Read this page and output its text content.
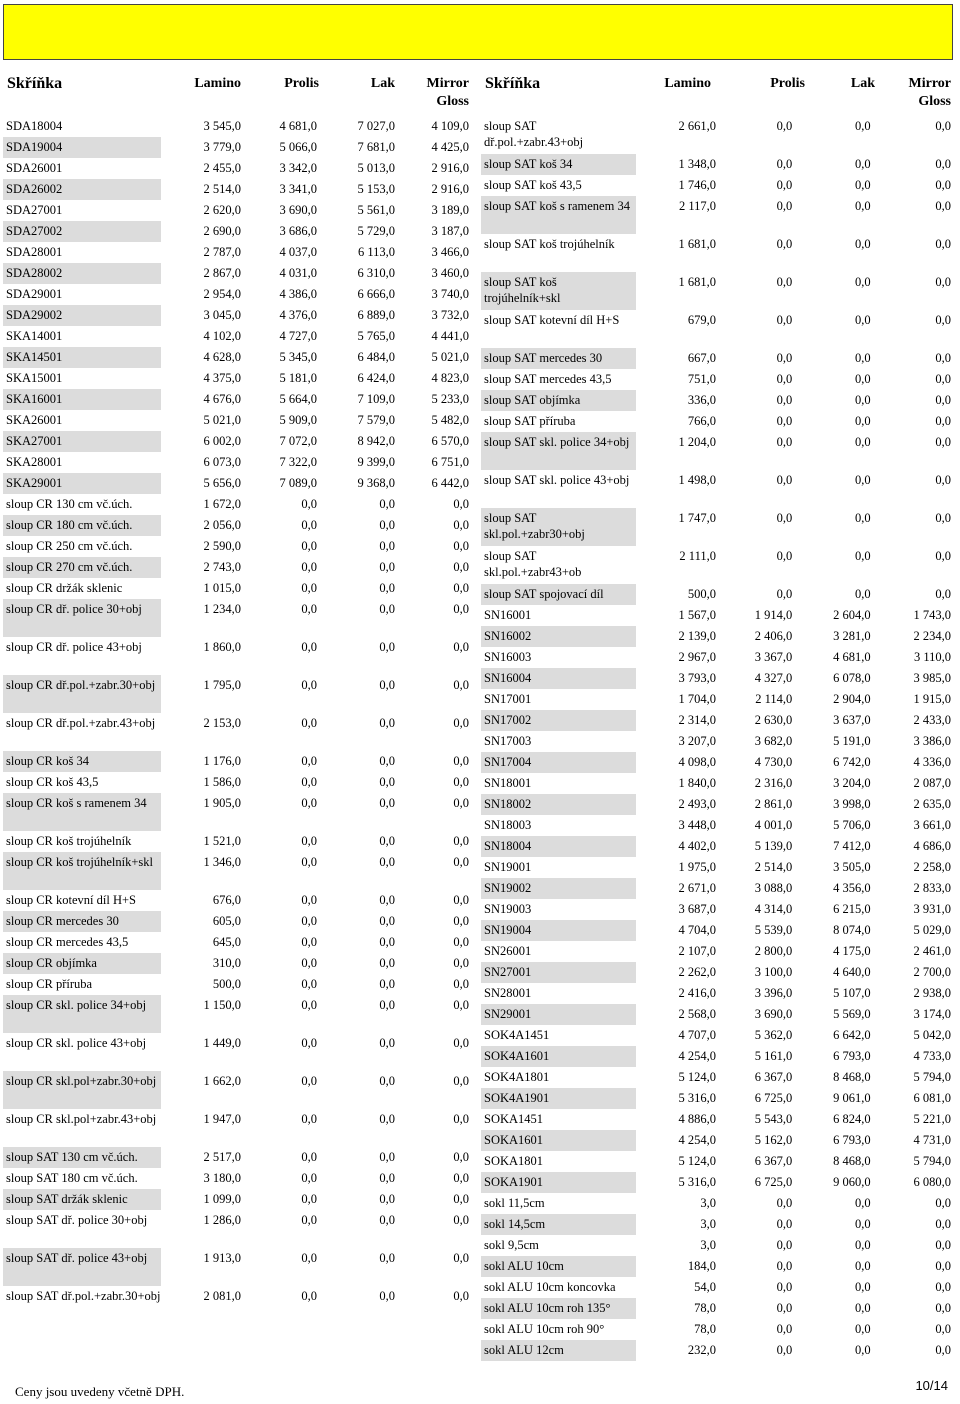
Skříňka	Lamino	Prolis	Lak	Mirror
Gloss
SDA18004	3 545,0	4 681,0	7 027,0	4 109,0
SDA19004	3 779,0	5 066,0	7 681,0	4 425,0
SDA26001	2 455,0	3 342,0	5 013,0	2 916,0
SDA26002	2 514,0	3 341,0	5 153,0	2 916,0
SDA27001	2 620,0	3 690,0	5 561,0	3 189,0
SDA27002	2 690,0	3 686,0	5 729,0	3 187,0
SDA28001	2 787,0	4 037,0	6 113,0	3 466,0
SDA28002	2 867,0	4 031,0	6 310,0	3 460,0
SDA29001	2 954,0	4 386,0	6 666,0	3 740,0
SDA29002	3 045,0	4 376,0	6 889,0	3 732,0
SKA14001	4 102,0	4 727,0	5 765,0	4 441,0
SKA14501	4 628,0	5 345,0	6 484,0	5 021,0
SKA15001	4 375,0	5 181,0	6 424,0	4 823,0
SKA16001	4 676,0	5 664,0	7 109,0	5 233,0
SKA26001	5 021,0	5 909,0	7 579,0	5 482,0
SKA27001	6 002,0	7 072,0	8 942,0	6 570,0
SKA28001	6 073,0	7 322,0	9 399,0	6 751,0
SKA29001	5 656,0	7 089,0	9 368,0	6 442,0
sloup CR 130 cm vč.úch.	1 672,0	0,0	0,0	0,0
sloup CR 180 cm vč.úch.	2 056,0	0,0	0,0	0,0
sloup CR 250 cm vč.úch.	2 590,0	0,0	0,0	0,0
sloup CR 270 cm vč.úch.	2 743,0	0,0	0,0	0,0
sloup CR držák sklenic	1 015,0	0,0	0,0	0,0
sloup CR dř. police 30+obj	1 234,0	0,0	0,0	0,0
sloup CR dř. police 43+obj	1 860,0	0,0	0,0	0,0
sloup CR dř.pol.+zabr.30+obj	1 795,0	0,0	0,0	0,0
sloup CR dř.pol.+zabr.43+obj	2 153,0	0,0	0,0	0,0
sloup CR koš 34	1 176,0	0,0	0,0	0,0
sloup CR koš 43,5	1 586,0	0,0	0,0	0,0
sloup CR koš s ramenem 34	1 905,0	0,0	0,0	0,0
sloup CR koš trojúhelník	1 521,0	0,0	0,0	0,0
sloup CR koš trojúhelník+skl	1 346,0	0,0	0,0	0,0
sloup CR kotevní díl H+S	676,0	0,0	0,0	0,0
sloup CR mercedes 30	605,0	0,0	0,0	0,0
sloup CR mercedes 43,5	645,0	0,0	0,0	0,0
sloup CR objímka	310,0	0,0	0,0	0,0
sloup CR příruba	500,0	0,0	0,0	0,0
sloup CR skl. police 34+obj	1 150,0	0,0	0,0	0,0
sloup CR skl. police 43+obj	1 449,0	0,0	0,0	0,0
sloup CR skl.pol+zabr.30+obj	1 662,0	0,0	0,0	0,0
sloup CR skl.pol+zabr.43+obj	1 947,0	0,0	0,0	0,0
sloup SAT 130 cm vč.úch.	2 517,0	0,0	0,0	0,0
sloup SAT 180 cm vč.úch.	3 180,0	0,0	0,0	0,0
sloup SAT držák sklenic	1 099,0	0,0	0,0	0,0
sloup SAT dř. police 30+obj	1 286,0	0,0	0,0	0,0
sloup SAT dř. police 43+obj	1 913,0	0,0	0,0	0,0
sloup SAT dř.pol.+zabr.30+obj	2 081,0	0,0	0,0	0,0
Skříňka	Lamino	Prolis	Lak	Mirror
Gloss
sloup SAT dř.pol.+zabr.43+obj	2 661,0	0,0	0,0	0,0
sloup SAT koš 34	1 348,0	0,0	0,0	0,0
sloup SAT koš 43,5	1 746,0	0,0	0,0	0,0
sloup SAT koš s ramenem 34	2 117,0	0,0	0,0	0,0
sloup SAT koš trojúhelník	1 681,0	0,0	0,0	0,0
sloup SAT koš trojúhelník+skl	1 681,0	0,0	0,0	0,0
sloup SAT kotevní díl H+S	679,0	0,0	0,0	0,0
sloup SAT mercedes 30	667,0	0,0	0,0	0,0
sloup SAT mercedes 43,5	751,0	0,0	0,0	0,0
sloup SAT objímka	336,0	0,0	0,0	0,0
sloup SAT příruba	766,0	0,0	0,0	0,0
sloup SAT skl. police 34+obj	1 204,0	0,0	0,0	0,0
sloup SAT skl. police 43+obj	1 498,0	0,0	0,0	0,0
sloup SAT skl.pol.+zabr30+obj	1 747,0	0,0	0,0	0,0
sloup SAT skl.pol.+zabr43+ob	2 111,0	0,0	0,0	0,0
sloup SAT spojovací díl	500,0	0,0	0,0	0,0
SN16001	1 567,0	1 914,0	2 604,0	1 743,0
SN16002	2 139,0	2 406,0	3 281,0	2 234,0
SN16003	2 967,0	3 367,0	4 681,0	3 110,0
SN16004	3 793,0	4 327,0	6 078,0	3 985,0
SN17001	1 704,0	2 114,0	2 904,0	1 915,0
SN17002	2 314,0	2 630,0	3 637,0	2 433,0
SN17003	3 207,0	3 682,0	5 191,0	3 386,0
SN17004	4 098,0	4 730,0	6 742,0	4 336,0
SN18001	1 840,0	2 316,0	3 204,0	2 087,0
SN18002	2 493,0	2 861,0	3 998,0	2 635,0
SN18003	3 448,0	4 001,0	5 706,0	3 661,0
SN18004	4 402,0	5 139,0	7 412,0	4 686,0
SN19001	1 975,0	2 514,0	3 505,0	2 258,0
SN19002	2 671,0	3 088,0	4 356,0	2 833,0
SN19003	3 687,0	4 314,0	6 215,0	3 931,0
SN19004	4 704,0	5 539,0	8 074,0	5 029,0
SN26001	2 107,0	2 800,0	4 175,0	2 461,0
SN27001	2 262,0	3 100,0	4 640,0	2 700,0
SN28001	2 416,0	3 396,0	5 107,0	2 938,0
SN29001	2 568,0	3 690,0	5 569,0	3 174,0
SOK4A1451	4 707,0	5 362,0	6 642,0	5 042,0
SOK4A1601	4 254,0	5 161,0	6 793,0	4 733,0
SOK4A1801	5 124,0	6 367,0	8 468,0	5 794,0
SOK4A1901	5 316,0	6 725,0	9 061,0	6 081,0
SOKA1451	4 886,0	5 543,0	6 824,0	5 221,0
SOKA1601	4 254,0	5 162,0	6 793,0	4 731,0
SOKA1801	5 124,0	6 367,0	8 468,0	5 794,0
SOKA1901	5 316,0	6 725,0	9 060,0	6 080,0
sokl 11,5cm	3,0	0,0	0,0	0,0
sokl 14,5cm	3,0	0,0	0,0	0,0
sokl 9,5cm	3,0	0,0	0,0	0,0
sokl ALU 10cm	184,0	0,0	0,0	0,0
sokl ALU 10cm koncovka	54,0	0,0	0,0	0,0
sokl ALU 10cm roh 135°	78,0	0,0	0,0	0,0
sokl ALU 10cm roh 90°	78,0	0,0	0,0	0,0
sokl ALU 12cm	232,0	0,0	0,0	0,0
Ceny jsou uvedeny včetně DPH.	10/14
